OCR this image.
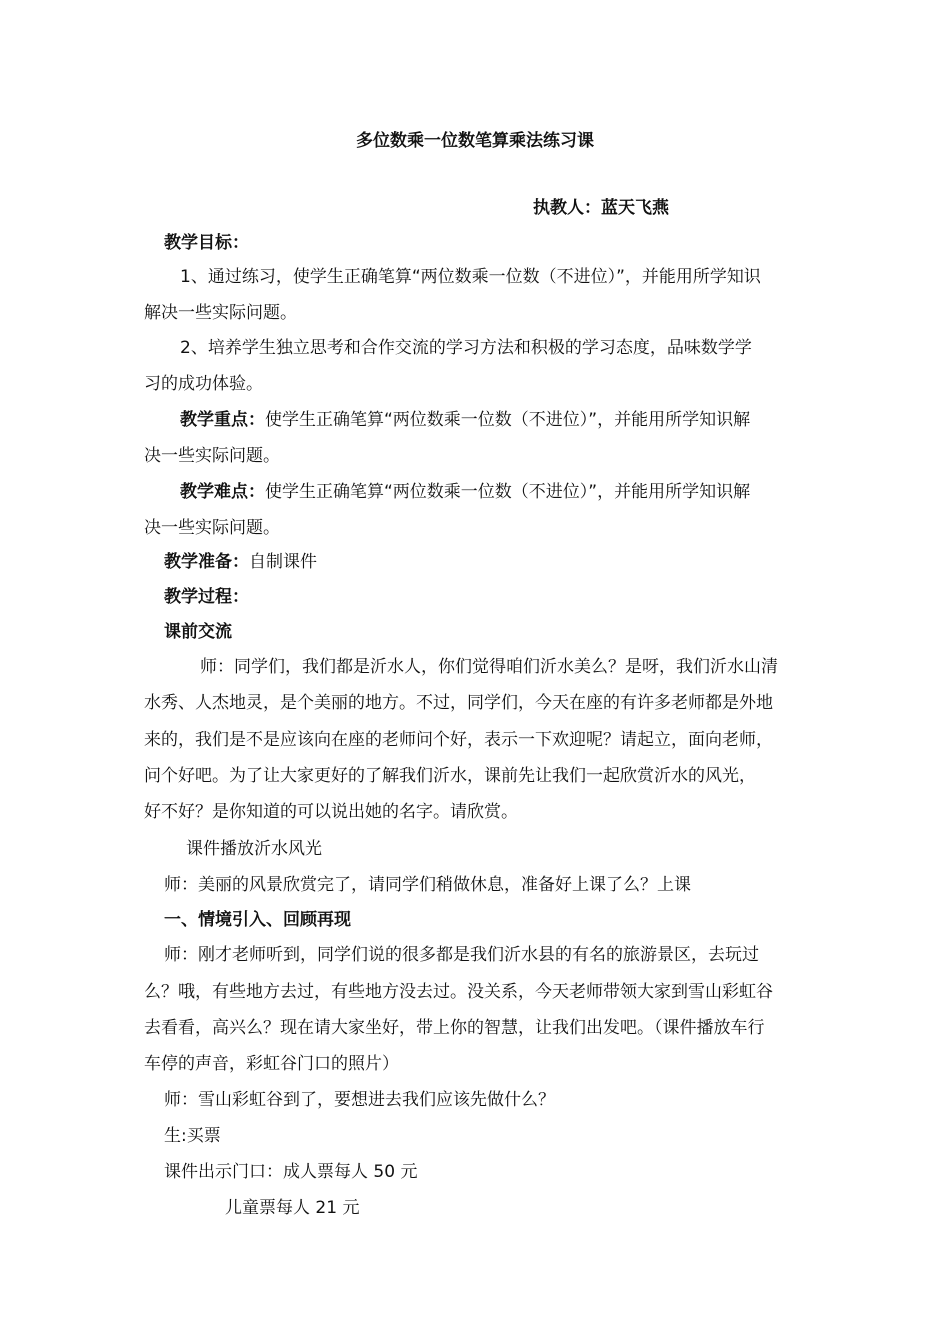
多位数乘一位数笔算乘法练习课
执教人：蓝天飞燕
教学目标：
1、通过练习，使学生正确笔算“两位数乘一位数（不进位）”，并能用所学知识
解决一些实际问题。
2、培养学生独立思考和合作交流的学习方法和积极的学习态度，品味数学学
习的成功体验。
教学重点：使学生正确笔算“两位数乘一位数（不进位）”，并能用所学知识解
决一些实际问题。
教学难点：使学生正确笔算“两位数乘一位数（不进位）”，并能用所学知识解
决一些实际问题。
教学准备：自制课件
教学过程：
课前交流
师：同学们，我们都是沂水人，你们觉得咱们沂水美么？是呀，我们沂水山清
水秀、人杰地灵，是个美丽的地方。不过，同学们，今天在座的有许多老师都是外地
来的，我们是不是应该向在座的老师问个好，表示一下欢迎呢？请起立，面向老师，
问个好吧。为了让大家更好的了解我们沂水，课前先让我们一起欣赏沂水的风光，
好不好？是你知道的可以说出她的名字。请欣赏。
课件播放沂水风光
师：美丽的风景欣赏完了，请同学们稍做休息，准备好上课了么？上课
一、情境引入、回顾再现
师：刚才老师听到，同学们说的很多都是我们沂水县的有名的旅游景区，去玩过
么？哦，有些地方去过，有些地方没去过。没关系，今天老师带领大家到雪山彩虹谷
去看看，高兴么？现在请大家坐好，带上你的智慧，让我们出发吧。（课件播放车行
车停的声音，彩虹谷门口的照片）
师：雪山彩虹谷到了，要想进去我们应该先做什么？
生:买票
课件出示门口：成人票每人 50 元
儿童票每人 21 元
